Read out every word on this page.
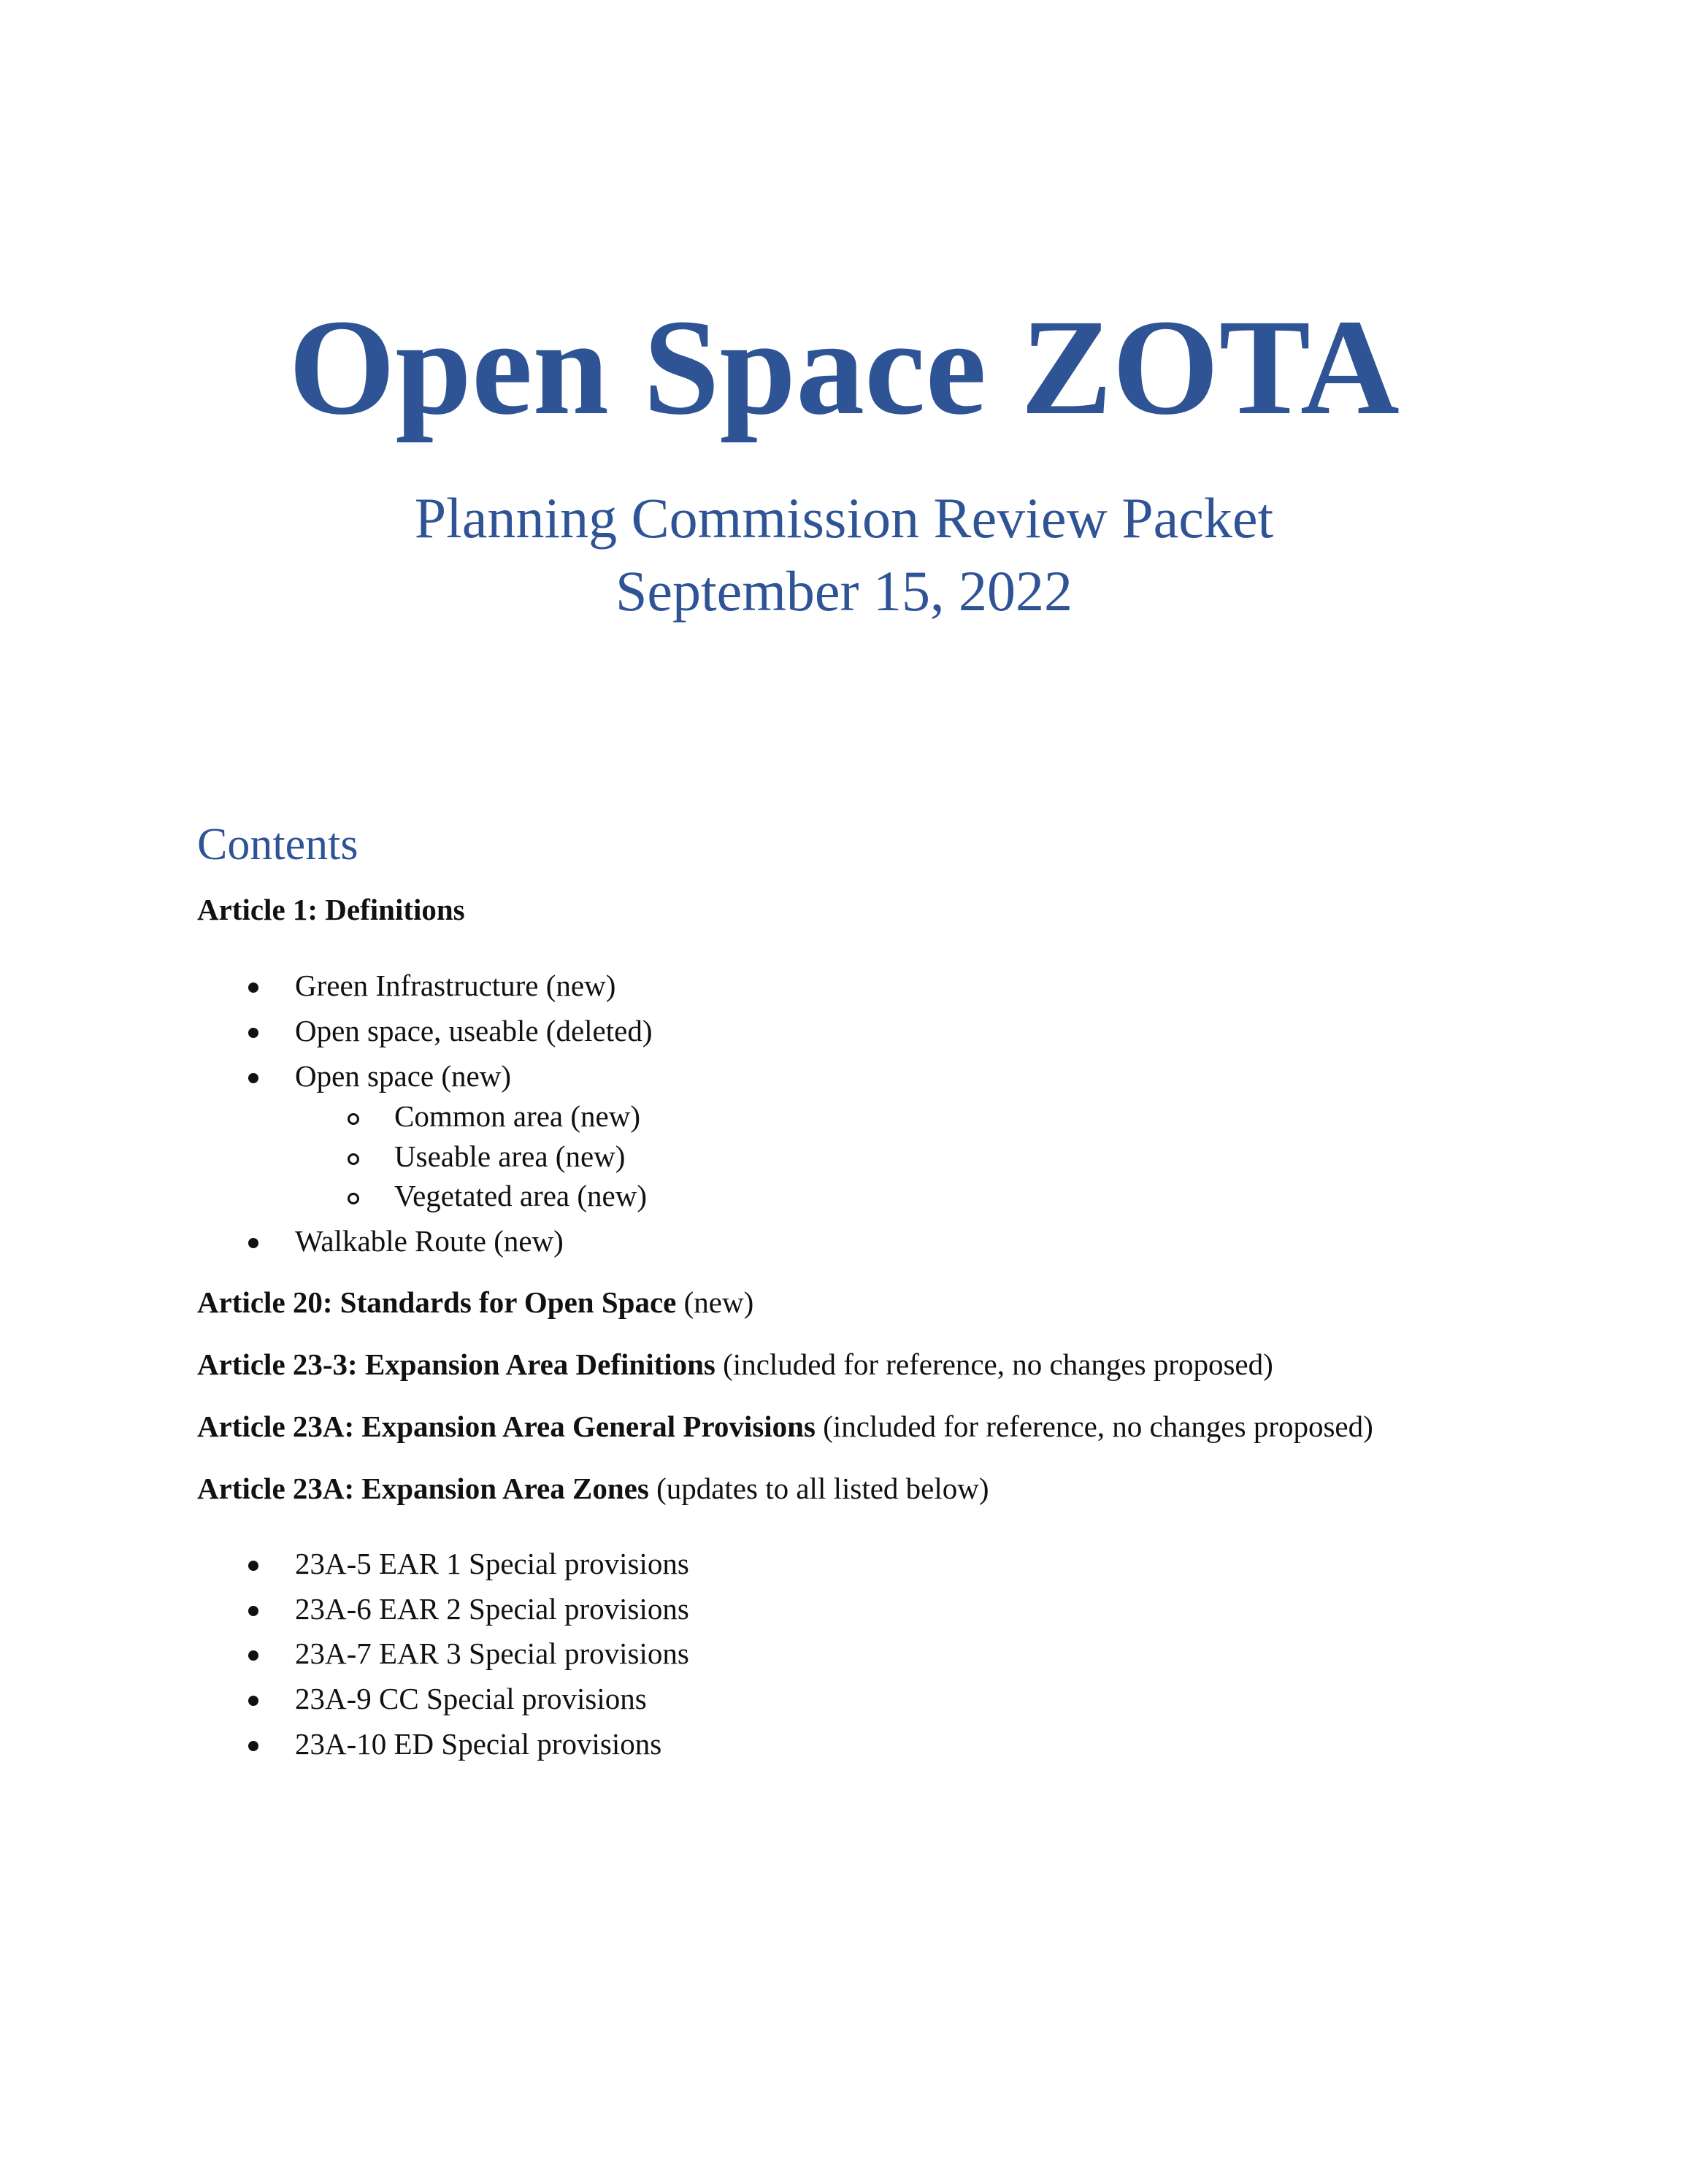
Open Space ZOTA
Planning Commission Review Packet
September 15, 2022
Contents

Article 1: Definitions

Green Infrastructure (new)
Open space, useable (deleted)
Open space (new)
Common area (new)
Useable area (new)
Vegetated area (new)
Walkable Route (new)

Article 20: Standards for Open Space (new)

Article 23-3: Expansion Area Definitions (included for reference, no changes proposed)

Article 23A: Expansion Area General Provisions (included for reference, no changes proposed)

Article 23A: Expansion Area Zones (updates to all listed below)

23A-5 EAR 1 Special provisions
23A-6 EAR 2 Special provisions
23A-7 EAR 3 Special provisions
23A-9 CC Special provisions
23A-10 ED Special provisions
